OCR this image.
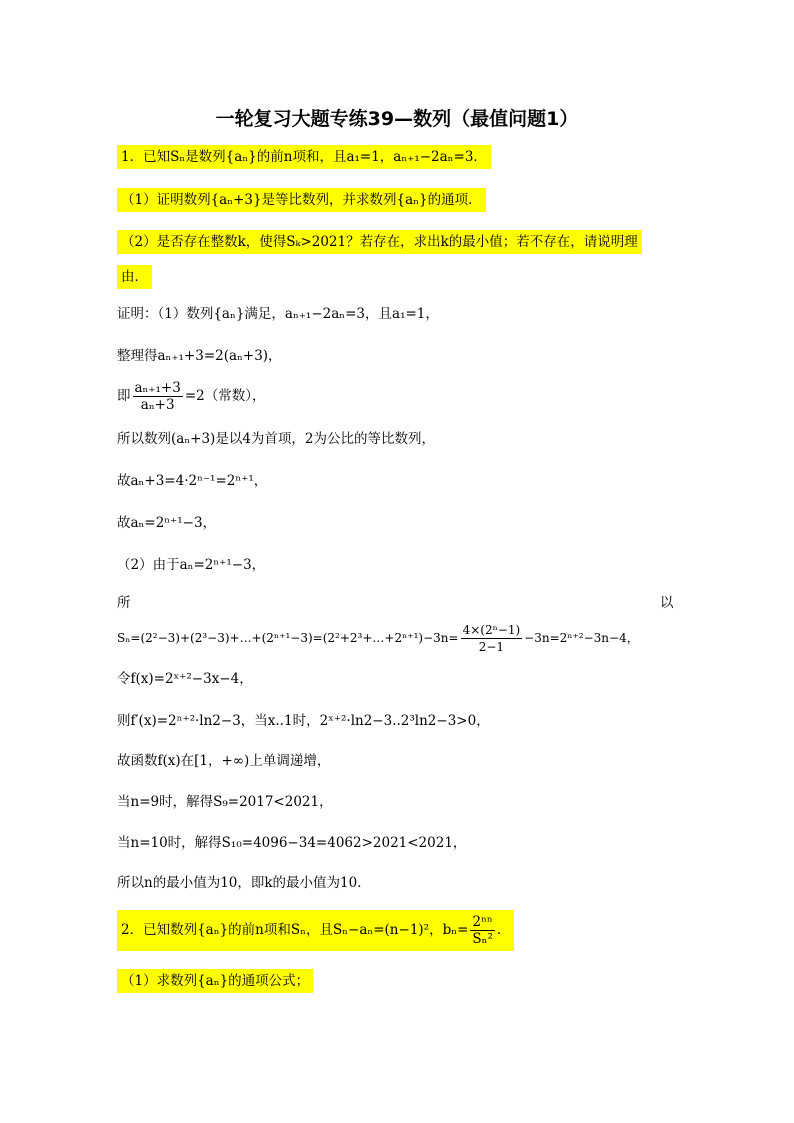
一轮复习大题专练39—数列（最值问题1）
1．已知Sₙ是数列{aₙ}的前n项和，且a₁=1，aₙ₊₁−2aₙ=3．
（1）证明数列{aₙ+3}是等比数列，并求数列{aₙ}的通项．
（2）是否存在整数k，使得Sₖ>2021？若存在，求出k的最小值；若不存在，请说明理
由．
证明：（1）数列{aₙ}满足，aₙ₊₁−2aₙ=3，且a₁=1，
整理得aₙ₊₁+3=2(aₙ+3)，
即 $\frac{\text{aₙ₊₁+3}}{\text{aₙ+3}} =2$（常数），
所以数列(aₙ+3)是以4为首项，2为公比的等比数列，
故aₙ+3=4·2ⁿ⁻¹=2ⁿ⁺¹，
故aₙ=2ⁿ⁺¹−3，
（2）由于aₙ=2ⁿ⁺¹−3，
所	以
Sₙ=(2²−3)+(2³−3)+…+(2ⁿ⁺¹−3)=(2²+2³+…+2ⁿ⁺¹)−3n= $\frac{\text{4×(2ⁿ−1)}}{2-1} -3n=2^{n+2}-3n-4$，
令f(x)=2ˣ⁺²−3x−4，
则f′(x)=2ⁿ⁺²·ln2−3，当x..1时，2ˣ⁺²·ln2−3..2³ln2−3>0，
故函数f(x)在[1，+∞)上单调递增，
当n=9时，解得S₉=2017<2021，
当n=10时，解得S₁₀=4096−34=4062>2021<2021，
所以n的最小值为10，即k的最小值为10．
2．已知数列{aₙ}的前n项和Sₙ，且Sₙ−aₙ=(n−1)²，$b_n= \frac{\text{2ⁿⁿ}}{\text{Sₙ²}}$ ．
（1）求数列{aₙ}的通项公式；
